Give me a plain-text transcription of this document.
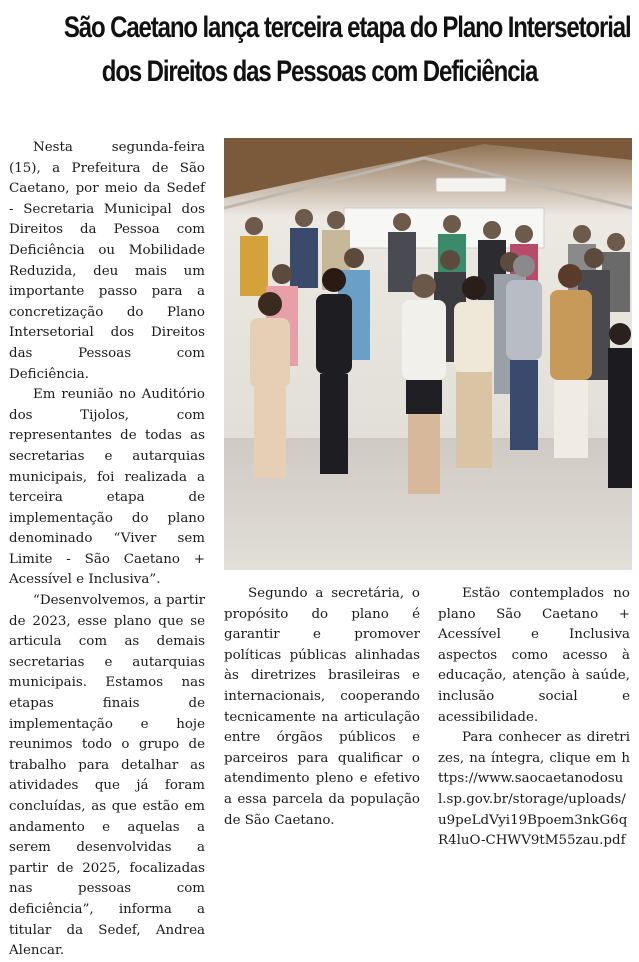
São Caetano lança terceira etapa do Plano Intersetorial
dos Direitos das Pessoas com Deficiência

Nesta segunda-feira (15), a Prefeitura de São Caetano, por meio da Sedef - Secretaria Municipal dos Direitos da Pessoa com Deficiência ou Mobilidade Reduzida, deu mais um importante passo para a concretização do Plano Intersetorial dos Direitos das Pessoas com Deficiência.

Em reunião no Auditório dos Tijolos, com representantes de todas as secretarias e autarquias municipais, foi realizada a terceira etapa de implementação do plano denominado “Viver sem Limite - São Caetano + Acessível e Inclusiva”.

“Desenvolvemos, a partir de 2023, esse plano que se articula com as demais secretarias e autarquias municipais. Estamos nas etapas finais de implementação e hoje reunimos todo o grupo de trabalho para detalhar as atividades que já foram concluídas, as que estão em andamento e aquelas a serem desenvolvidas a partir de 2025, focalizadas nas pessoas com deficiência”, informa a titular da Sedef, Andrea Alencar.

Segundo a secretária, o propósito do plano é garantir e promover políticas públicas alinhadas às diretrizes brasileiras e internacionais, cooperando tecnicamente na articulação entre órgãos públicos e parceiros para qualificar o atendimento pleno e efetivo a essa parcela da população de São Caetano.

Estão contemplados no plano São Caetano + Acessível e Inclusiva aspectos como acesso à educação, atenção à saúde, inclusão social e acessibilidade.

Para conhecer as diretrizes, na íntegra, clique em https://www.saocaetanodosul.sp.gov.br/storage/uploads/u9peLdVyi19Bpoem3nkG6qR4luO-CHWV9tM55zau.pdf
